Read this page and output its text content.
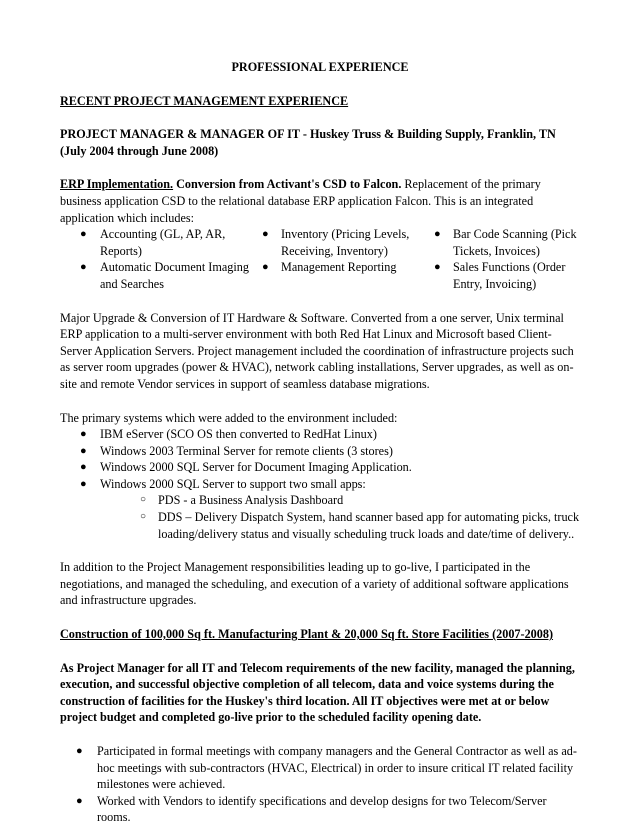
PROFESSIONAL EXPERIENCE

RECENT PROJECT MANAGEMENT EXPERIENCE

PROJECT MANAGER & MANAGER OF IT - Huskey Truss & Building Supply, Franklin, TN
(July 2004 through June 2008)

ERP Implementation. Conversion from Activant's CSD to Falcon. Replacement of the primary business application CSD to the relational database ERP application Falcon. This is an integrated application which includes:

● Accounting (GL, AP, AR, Reports)
● Automatic Document Imaging and Searches
● Inventory (Pricing Levels, Receiving, Inventory)
● Management Reporting
● Bar Code Scanning (Pick Tickets, Invoices)
● Sales Functions (Order Entry, Invoicing)

Major Upgrade & Conversion of IT Hardware & Software. Converted from a one server, Unix terminal ERP application to a multi-server environment with both Red Hat Linux and Microsoft based Client-Server Application Servers. Project management included the coordination of infrastructure projects such as server room upgrades (power & HVAC), network cabling installations, Server upgrades, as well as on-site and remote Vendor services in support of seamless database migrations.

The primary systems which were added to the environment included:

● IBM eServer (SCO OS then converted to RedHat Linux)
● Windows 2003 Terminal Server for remote clients (3 stores)
● Windows 2000 SQL Server for Document Imaging Application.
● Windows 2000 SQL Server to support two small apps:
○ PDS - a Business Analysis Dashboard
○ DDS – Delivery Dispatch System, hand scanner based app for automating picks, truck loading/delivery status and visually scheduling truck loads and date/time of delivery..

In addition to the Project Management responsibilities leading up to go-live, I participated in the negotiations, and managed the scheduling, and execution of a variety of additional software applications and infrastructure upgrades.

Construction of 100,000 Sq ft. Manufacturing Plant & 20,000 Sq ft. Store Facilities (2007-2008)

As Project Manager for all IT and Telecom requirements of the new facility, managed the planning, execution, and successful objective completion of all telecom, data and voice systems during the construction of facilities for the Huskey's third location. All IT objectives were met at or below project budget and completed go-live prior to the scheduled facility opening date.

● Participated in formal meetings with company managers and the General Contractor as well as ad-hoc meetings with sub-contractors (HVAC, Electrical) in order to insure critical IT related facility milestones were achieved.
● Worked with Vendors to identify specifications and develop designs for two Telecom/Server rooms.
